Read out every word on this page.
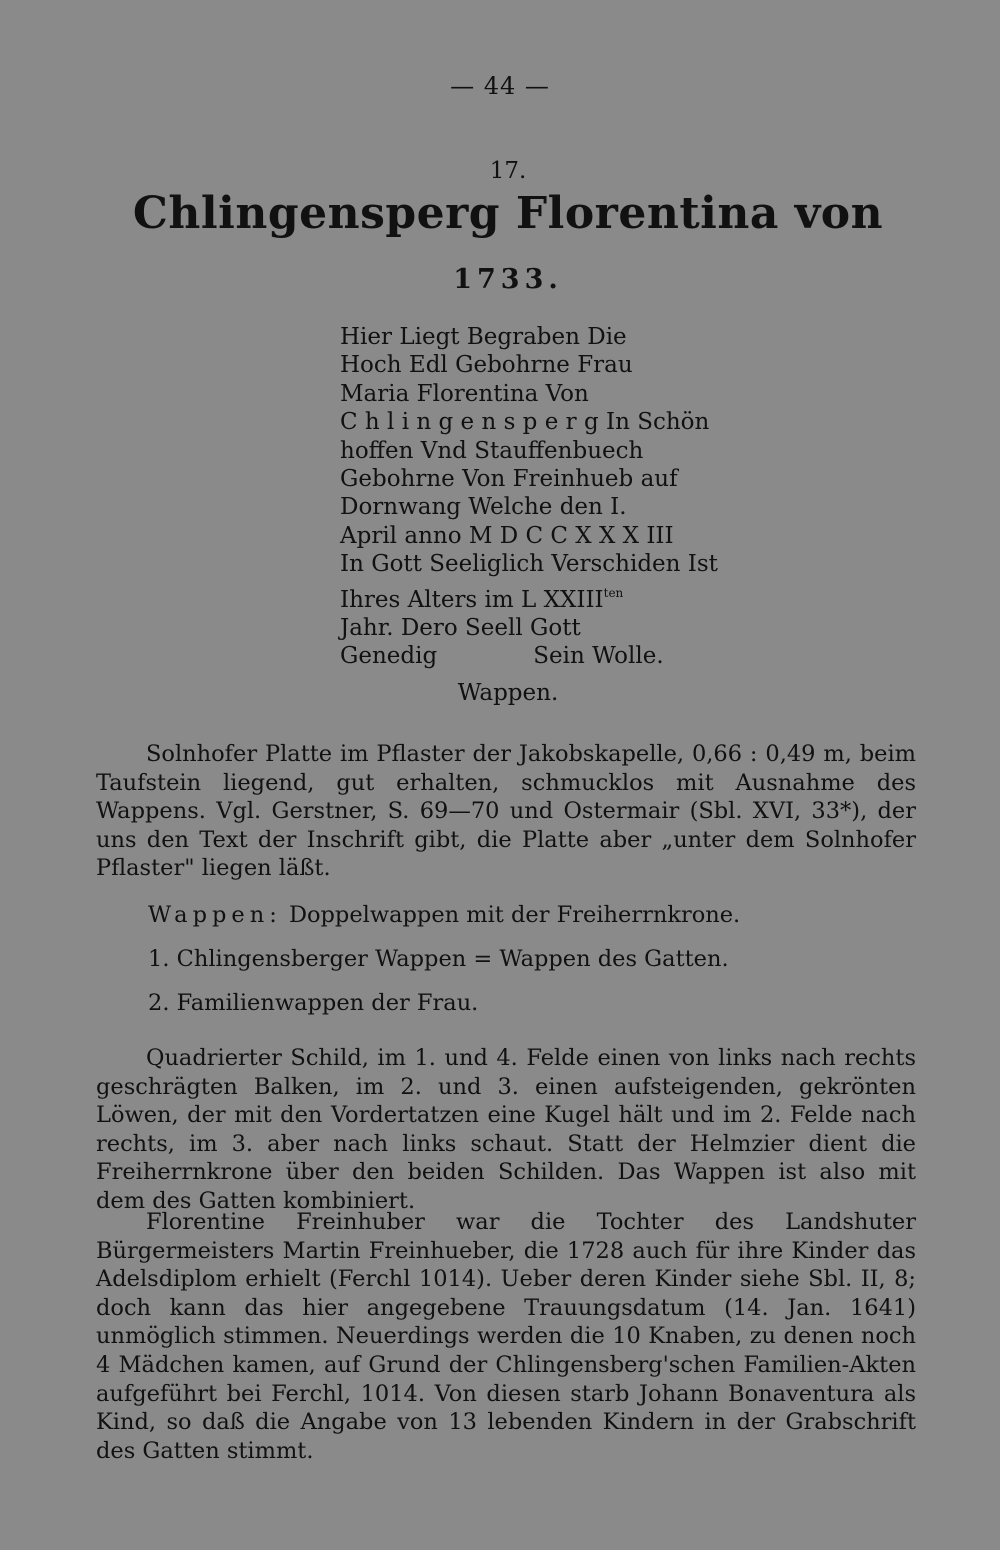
— 44 —
17.
Chlingensperg Florentina von
1733.
Hier Liegt Begraben Die
Hoch Edl Gebohrne Frau
Maria Florentina Von
C h l i n g e n s p e r g In Schön
hoffen Vnd Stauffenbuech
Gebohrne Von Freinhueb auf
Dornwang Welche den I.
April anno M D C C X X X III
In Gott Seeliglich Verschiden Ist
Ihres Alters im L $XXIII^{ten}$
Jahr. Dero Seell Gott
Genedig	Sein Wolle.
Wappen.
Solnhofer Platte im Pflaster der Jakobskapelle, 0,66 : 0,49 m, beim Taufstein liegend, gut erhalten, schmucklos mit Ausnahme des Wappens. Vgl. Gerstner, S. 69—70 und Ostermair (Sbl. XVI, 33*), der uns den Text der Inschrift gibt, die Platte aber „unter dem Solnhofer Pflaster" liegen läßt.
Wappen: Doppelwappen mit der Freiherrnkrone.
1. Chlingensberger Wappen = Wappen des Gatten.
2. Familienwappen der Frau.
Quadrierter Schild, im 1. und 4. Felde einen von links nach rechts geschrägten Balken, im 2. und 3. einen aufsteigenden, gekrönten Löwen, der mit den Vordertatzen eine Kugel hält und im 2. Felde nach rechts, im 3. aber nach links schaut. Statt der Helmzier dient die Freiherrnkrone über den beiden Schilden. Das Wappen ist also mit dem des Gatten kombiniert.
Florentine Freinhuber war die Tochter des Landshuter Bürgermeisters Martin Freinhueber, die 1728 auch für ihre Kinder das Adelsdiplom erhielt (Ferchl 1014). Ueber deren Kinder siehe Sbl. II, 8; doch kann das hier angegebene Trauungsdatum (14. Jan. 1641) unmöglich stimmen. Neuerdings werden die 10 Knaben, zu denen noch 4 Mädchen kamen, auf Grund der Chlingensberg'schen Familien-Akten aufgeführt bei Ferchl, 1014. Von diesen starb Johann Bonaventura als Kind, so daß die Angabe von 13 lebenden Kindern in der Grabschrift des Gatten stimmt.
